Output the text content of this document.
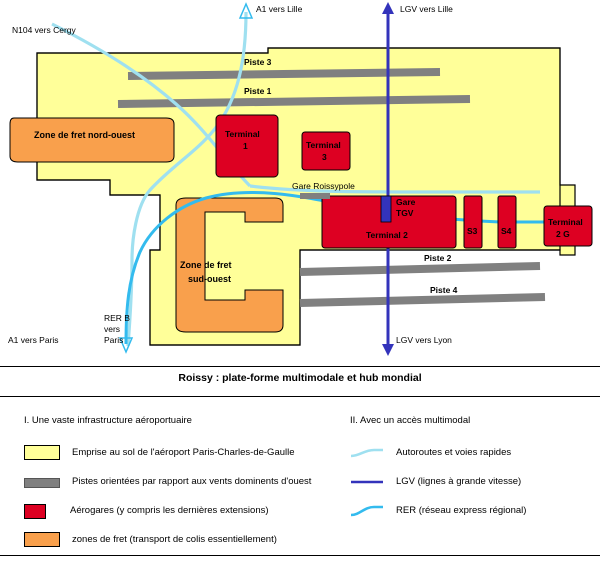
N104 vers Cergy
A1 vers Lille	LGV vers Lille
A1 vers Paris
RER B
vers
Paris	LGV vers Lyon
Piste 3
Piste 1
Piste 2
Piste 4
Zone de fret nord-ouest
Zone de fret
sud-ouest
Terminal
1	Terminal
3
Terminal 2
Terminal
2 G
S3	S4
Gare Roissypole
Gare
TGV
Roissy : plate-forme multimodale et hub mondial
I. Une vaste infrastructure aéroportuaire
Emprise au sol de l'aéroport Paris-Charles-de-Gaulle
Pistes orientées par rapport aux vents dominents d'ouest
Aérogares (y compris les dernières extensions)
zones de fret (transport de colis essentiellement)
II. Avec un accès multimodal
Autoroutes et voies rapides
LGV (lignes à grande vitesse)
RER (réseau express régional)
